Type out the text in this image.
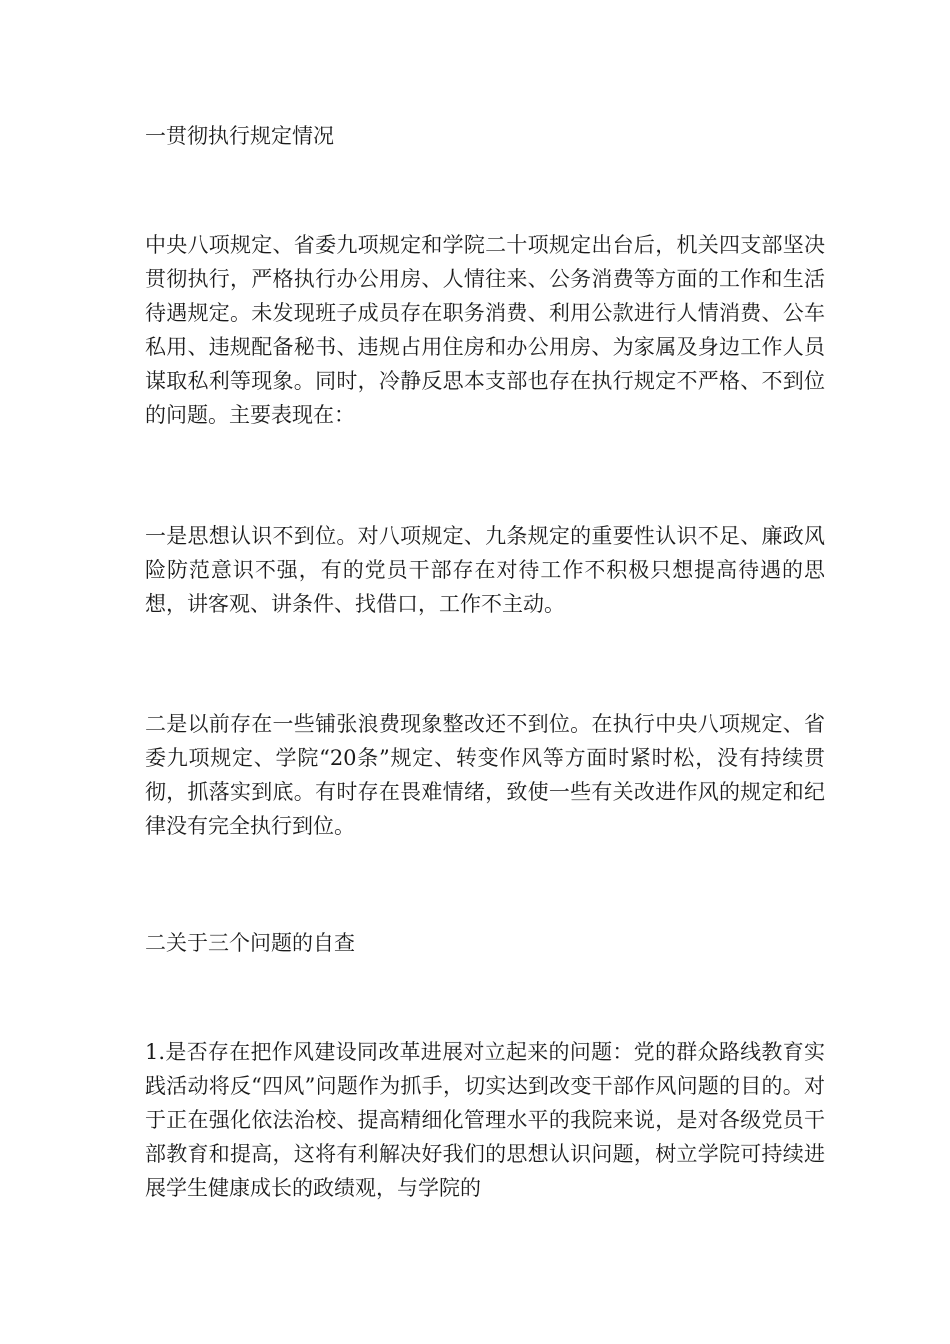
一贯彻执行规定情况

中央八项规定、省委九项规定和学院二十项规定出台后，机关四支部坚决贯彻执行，严格执行办公用房、人情往来、公务消费等方面的工作和生活待遇规定。未发现班子成员存在职务消费、利用公款进行人情消费、公车私用、违规配备秘书、违规占用住房和办公用房、为家属及身边工作人员谋取私利等现象。同时，冷静反思本支部也存在执行规定不严格、不到位的问题。主要表现在：

一是思想认识不到位。对八项规定、九条规定的重要性认识不足、廉政风险防范意识不强，有的党员干部存在对待工作不积极只想提高待遇的思想，讲客观、讲条件、找借口，工作不主动。

二是以前存在一些铺张浪费现象整改还不到位。在执行中央八项规定、省委九项规定、学院“20条”规定、转变作风等方面时紧时松，没有持续贯彻，抓落实到底。有时存在畏难情绪，致使一些有关改进作风的规定和纪律没有完全执行到位。

二关于三个问题的自查

1.是否存在把作风建设同改革进展对立起来的问题：党的群众路线教育实践活动将反“四风”问题作为抓手，切实达到改变干部作风问题的目的。对于正在强化依法治校、提高精细化管理水平的我院来说，是对各级党员干部教育和提高，这将有利解决好我们的思想认识问题，树立学院可持续进展学生健康成长的政绩观，与学院的
